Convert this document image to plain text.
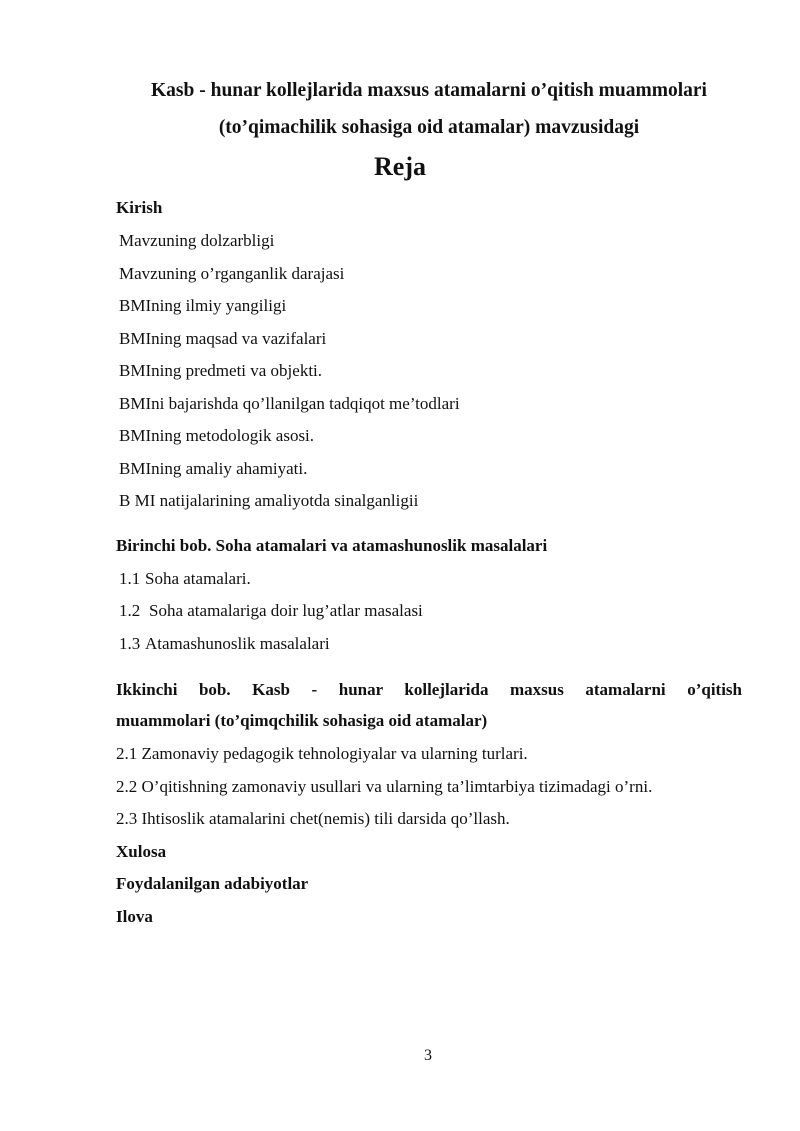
Kasb - hunar kollejlarida maxsus atamalarni o’qitish muammolari
(to’qimachilik sohasiga oid atamalar) mavzusidagi
Reja
Kirish
Mavzuning dolzarbligi
Mavzuning o’rganganlik darajasi
BMIning ilmiy yangiligi
BMIning maqsad va vazifalari
BMIning predmeti va objekti.
BMIni bajarishda qo’llanilgan tadqiqot me’todlari
BMIning metodologik asosi.
BMIning amaliy ahamiyati.
B MI natijalarining amaliyotda sinalganligii
Birinchi bob. Soha atamalari va atamashunoslik masalalari
1.1 Soha atamalari.
1.2 Soha atamalariga doir lug’atlar masalasi
1.3 Atamashunoslik masalalari
Ikkinchi bob. Kasb - hunar kollejlarida maxsus atamalarni o’qitish
muammolari (to’qimqchilik sohasiga oid atamalar)
2.1 Zamonaviy pedagogik tehnologiyalar va ularning turlari.
2.2 O’qitishning zamonaviy usullari va ularning ta’limtarbiya tizimadagi o’rni.
2.3 Ihtisoslik atamalarini chet(nemis) tili darsida qo’llash.
Xulosa
Foydalanilgan adabiyotlar
Ilova
3
